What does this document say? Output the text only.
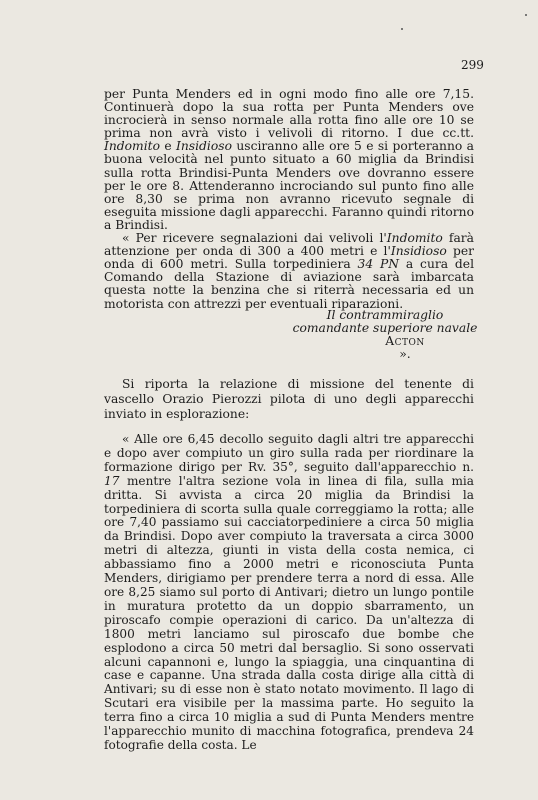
299

per Punta Menders ed in ogni modo fino alle ore 7,15. Continuerà dopo la sua rotta per Punta Menders ove incrocierà in senso normale alla rotta fino alle ore 10 se prima non avrà visto i velivoli di ritorno. I due cc.tt. Indomito e Insidioso usciranno alle ore 5 e si porteranno a buona velocità nel punto situato a 60 miglia da Brindisi sulla rotta Brindisi-Punta Menders ove dovranno essere per le ore 8. Attenderanno incrociando sul punto fino alle ore 8,30 se prima non avranno ricevuto segnale di eseguita missione dagli apparecchi. Faranno quindi ritorno a Brindisi.

« Per ricevere segnalazioni dai velivoli l'Indomito farà attenzione per onda di 300 a 400 metri e l'Insidioso per onda di 600 metri. Sulla torpediniera 34 PN a cura del Comando della Stazione di aviazione sarà imbarcata questa notte la benzina che si riterrà necessaria ed un motorista con attrezzi per eventuali riparazioni.

Il contrammiraglio
comandante superiore navale
Acton
».

Si riporta la relazione di missione del tenente di vascello Orazio Pierozzi pilota di uno degli apparecchi inviato in esplorazione:

« Alle ore 6,45 decollo seguito dagli altri tre apparecchi e dopo aver compiuto un giro sulla rada per riordinare la formazione dirigo per Rv. 35°, seguito dall'apparecchio n. 17 mentre l'altra sezione vola in linea di fila, sulla mia dritta. Si avvista a circa 20 miglia da Brindisi la torpediniera di scorta sulla quale correggiamo la rotta; alle ore 7,40 passiamo sui cacciatorpediniere a circa 50 miglia da Brindisi. Dopo aver compiuto la traversata a circa 3000 metri di altezza, giunti in vista della costa nemica, ci abbassiamo fino a 2000 metri e riconosciuta Punta Menders, dirigiamo per prendere terra a nord di essa. Alle ore 8,25 siamo sul porto di Antivari; dietro un lungo pontile in muratura protetto da un doppio sbarramento, un piroscafo compie operazioni di carico. Da un'altezza di 1800 metri lanciamo sul piroscafo due bombe che esplodono a circa 50 metri dal bersaglio. Si sono osservati alcuni capannoni e, lungo la spiaggia, una cinquantina di case e capanne. Una strada dalla costa dirige alla città di Antivari; su di esse non è stato notato movimento. Il lago di Scutari era visibile per la massima parte. Ho seguito la terra fino a circa 10 miglia a sud di Punta Menders mentre l'apparecchio munito di macchina fotografica, prendeva 24 fotografie della costa. Le
